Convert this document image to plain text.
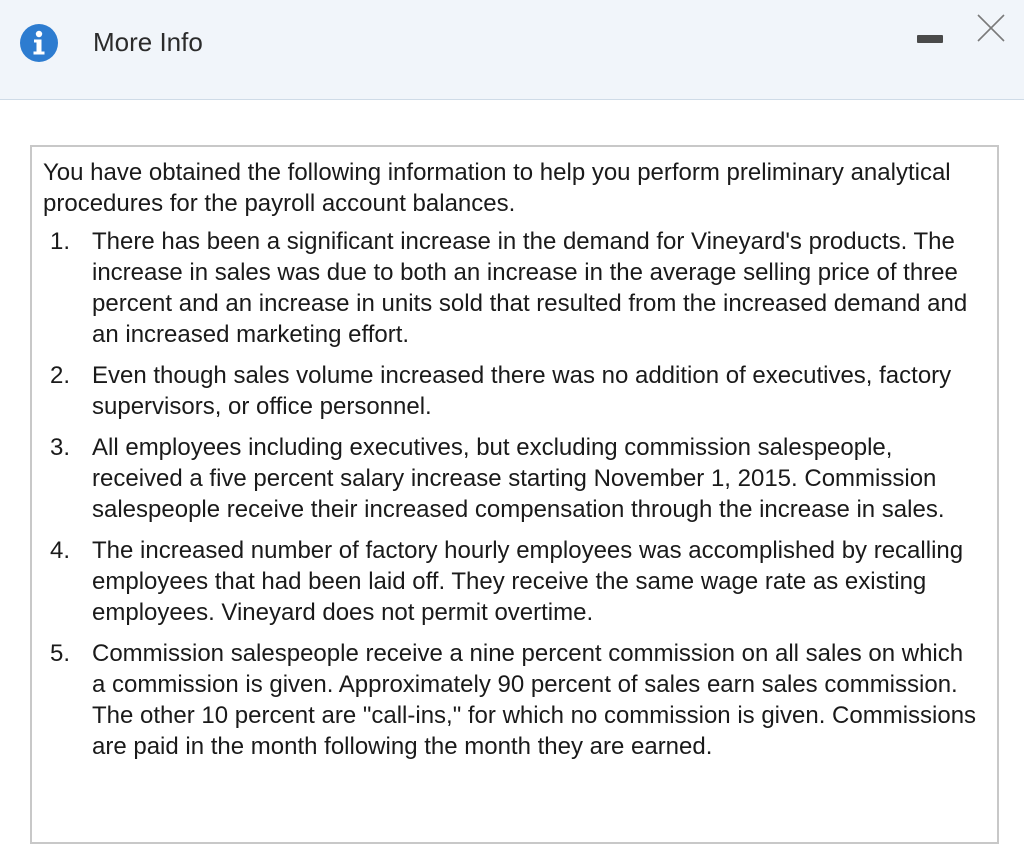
More Info

You have obtained the following information to help you perform preliminary analytical procedures for the payroll account balances.

1. There has been a significant increase in the demand for Vineyard's products. The increase in sales was due to both an increase in the average selling price of three percent and an increase in units sold that resulted from the increased demand and an increased marketing effort.
2. Even though sales volume increased there was no addition of executives, factory supervisors, or office personnel.
3. All employees including executives, but excluding commission salespeople, received a five percent salary increase starting November 1, 2015. Commission salespeople receive their increased compensation through the increase in sales.
4. The increased number of factory hourly employees was accomplished by recalling employees that had been laid off. They receive the same wage rate as existing employees. Vineyard does not permit overtime.
5. Commission salespeople receive a nine percent commission on all sales on which a commission is given. Approximately 90 percent of sales earn sales commission. The other 10 percent are "call-ins," for which no commission is given. Commissions are paid in the month following the month they are earned.
